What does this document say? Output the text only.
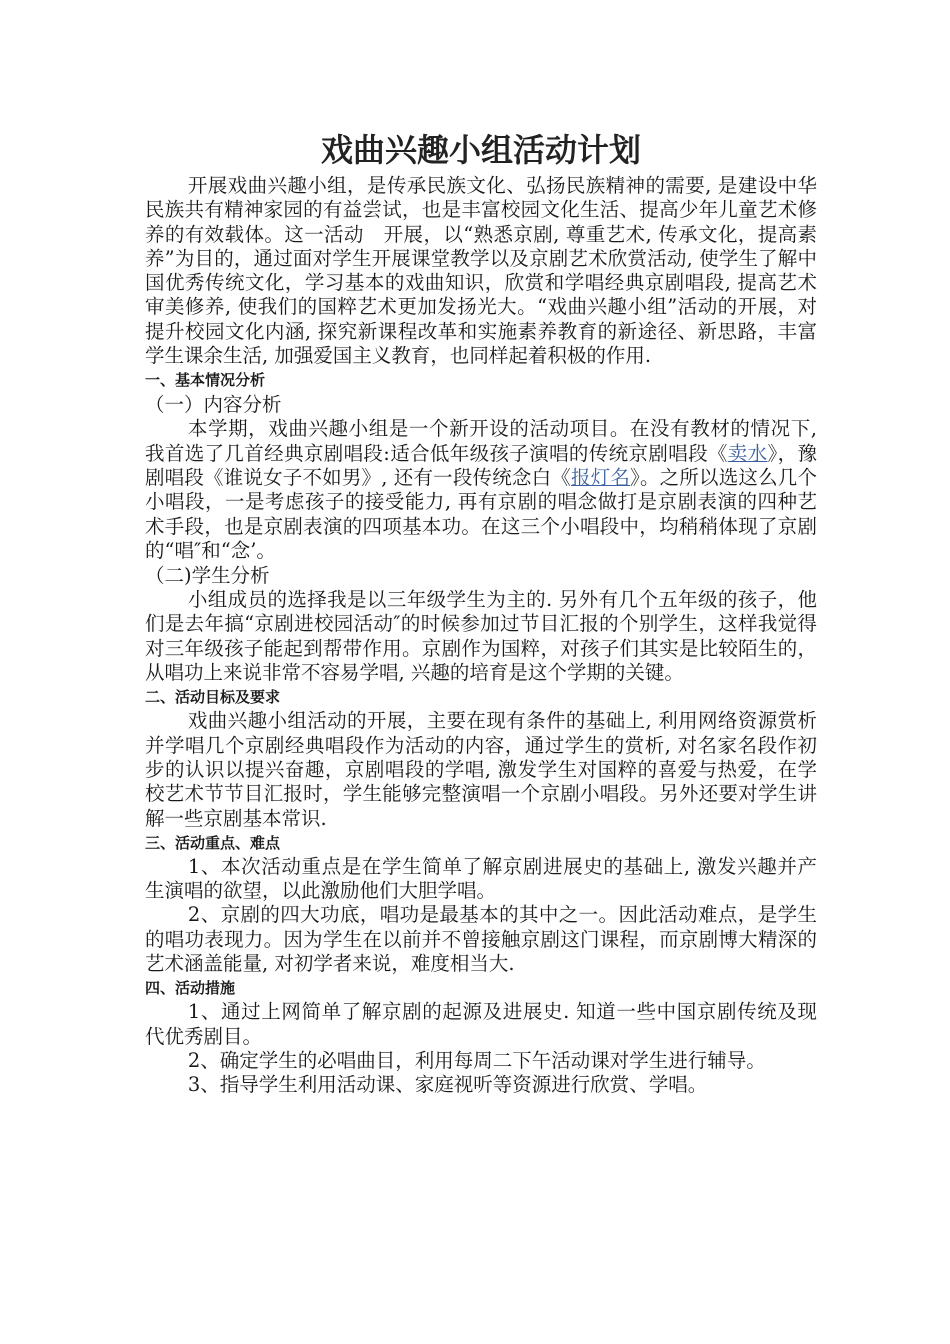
戏曲兴趣小组活动计划

开展戏曲兴趣小组，是传承民族文化、弘扬民族精神的需要, 是建设中华民族共有精神家园的有益尝试，也是丰富校园文化生活、提高少年儿童艺术修养的有效载体。这一活动　开展，以“熟悉京剧, 尊重艺术, 传承文化，提高素养”为目的，通过面对学生开展课堂教学以及京剧艺术欣赏活动, 使学生了解中国优秀传统文化，学习基本的戏曲知识，欣赏和学唱经典京剧唱段, 提高艺术审美修养, 使我们的国粹艺术更加发扬光大。“戏曲兴趣小组”活动的开展，对提升校园文化内涵, 探究新课程改革和实施素养教育的新途径、新思路，丰富学生课余生活, 加强爱国主义教育，也同样起着积极的作用.

一、基本情况分析
（一）内容分析

本学期，戏曲兴趣小组是一个新开设的活动项目。在没有教材的情况下, 我首选了几首经典京剧唱段:适合低年级孩子演唱的传统京剧唱段《卖水》，豫剧唱段《谁说女子不如男》, 还有一段传统念白《报灯名》。之所以选这么几个小唱段，一是考虑孩子的接受能力, 再有京剧的唱念做打是京剧表演的四种艺术手段，也是京剧表演的四项基本功。在这三个小唱段中，均稍稍体现了京剧的“唱″和“念’。

（二)学生分析

小组成员的选择我是以三年级学生为主的. 另外有几个五年级的孩子，他们是去年搞“京剧进校园活动″的时候参加过节目汇报的个别学生，这样我觉得对三年级孩子能起到帮带作用。京剧作为国粹，对孩子们其实是比较陌生的，从唱功上来说非常不容易学唱, 兴趣的培育是这个学期的关键。

二、活动目标及要求

戏曲兴趣小组活动的开展，主要在现有条件的基础上, 利用网络资源赏析并学唱几个京剧经典唱段作为活动的内容，通过学生的赏析, 对名家名段作初步的认识以提兴奋趣，京剧唱段的学唱, 激发学生对国粹的喜爱与热爱，在学校艺术节节目汇报时，学生能够完整演唱一个京剧小唱段。另外还要对学生讲解一些京剧基本常识.

三、活动重点、难点

1、本次活动重点是在学生简单了解京剧进展史的基础上, 激发兴趣并产生演唱的欲望，以此激励他们大胆学唱。

2、京剧的四大功底，唱功是最基本的其中之一。因此活动难点，是学生的唱功表现力。因为学生在以前并不曾接触京剧这门课程，而京剧博大精深的艺术涵盖能量, 对初学者来说，难度相当大.

四、活动措施

1、通过上网简单了解京剧的起源及进展史. 知道一些中国京剧传统及现代优秀剧目。

2、确定学生的必唱曲目，利用每周二下午活动课对学生进行辅导。

3、指导学生利用活动课、家庭视听等资源进行欣赏、学唱。
